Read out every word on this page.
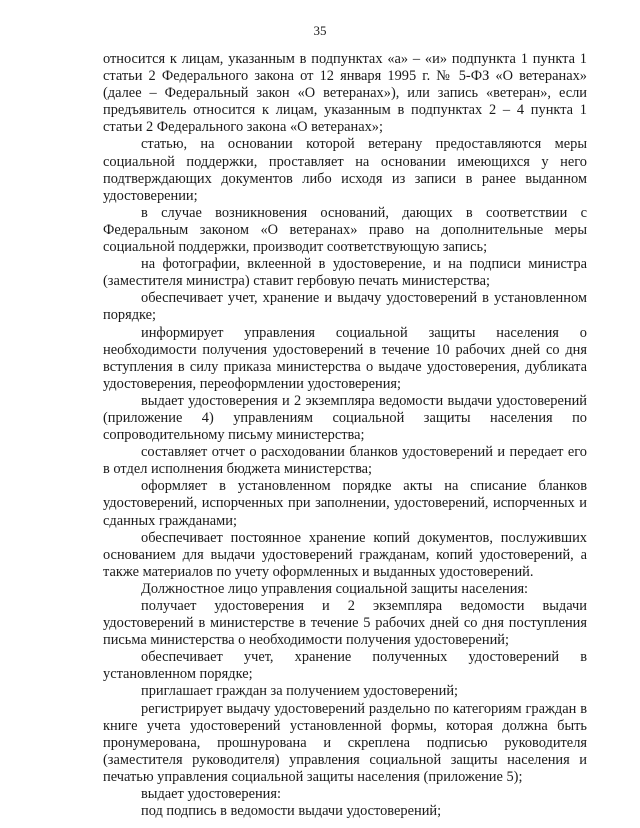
35

относится к лицам, указанным в подпунктах «а» – «и» подпункта 1 пункта 1 статьи 2 Федерального закона от 12 января 1995 г. № 5-ФЗ «О ветеранах» (далее – Федеральный закон «О ветеранах»), или запись «ветеран», если предъявитель относится к лицам, указанным в подпунктах 2 – 4 пункта 1 статьи 2 Федерального закона «О ветеранах»;

статью, на основании которой ветерану предоставляются меры социальной поддержки, проставляет на основании имеющихся у него подтверждающих документов либо исходя из записи в ранее выданном удостоверении;

в случае возникновения оснований, дающих в соответствии с Федеральным законом «О ветеранах» право на дополнительные меры социальной поддержки, производит соответствующую запись;

на фотографии, вклеенной в удостоверение, и на подписи министра (заместителя министра) ставит гербовую печать министерства;

обеспечивает учет, хранение и выдачу удостоверений в установленном порядке;

информирует управления социальной защиты населения о необходимости получения удостоверений в течение 10 рабочих дней со дня вступления в силу приказа министерства о выдаче удостоверения, дубликата удостоверения, переоформлении удостоверения;

выдает удостоверения и 2 экземпляра ведомости выдачи удостоверений (приложение 4) управлениям социальной защиты населения по сопроводительному письму министерства;

составляет отчет о расходовании бланков удостоверений и передает его в отдел исполнения бюджета министерства;

оформляет в установленном порядке акты на списание бланков удостоверений, испорченных при заполнении, удостоверений, испорченных и сданных гражданами;

обеспечивает постоянное хранение копий документов, послуживших основанием для выдачи удостоверений гражданам, копий удостоверений, а также материалов по учету оформленных и выданных удостоверений.

Должностное лицо управления социальной защиты населения:

получает удостоверения и 2 экземпляра ведомости выдачи удостоверений в министерстве в течение 5 рабочих дней со дня поступления письма министерства о необходимости получения удостоверений;

обеспечивает учет, хранение полученных удостоверений в установленном порядке;

приглашает граждан за получением удостоверений;

регистрирует выдачу удостоверений раздельно по категориям граждан в книге учета удостоверений установленной формы, которая должна быть пронумерована, прошнурована и скреплена подписью руководителя (заместителя руководителя) управления социальной защиты населения и печатью управления социальной защиты населения (приложение 5);

выдает удостоверения:

под подпись в ведомости выдачи удостоверений;
